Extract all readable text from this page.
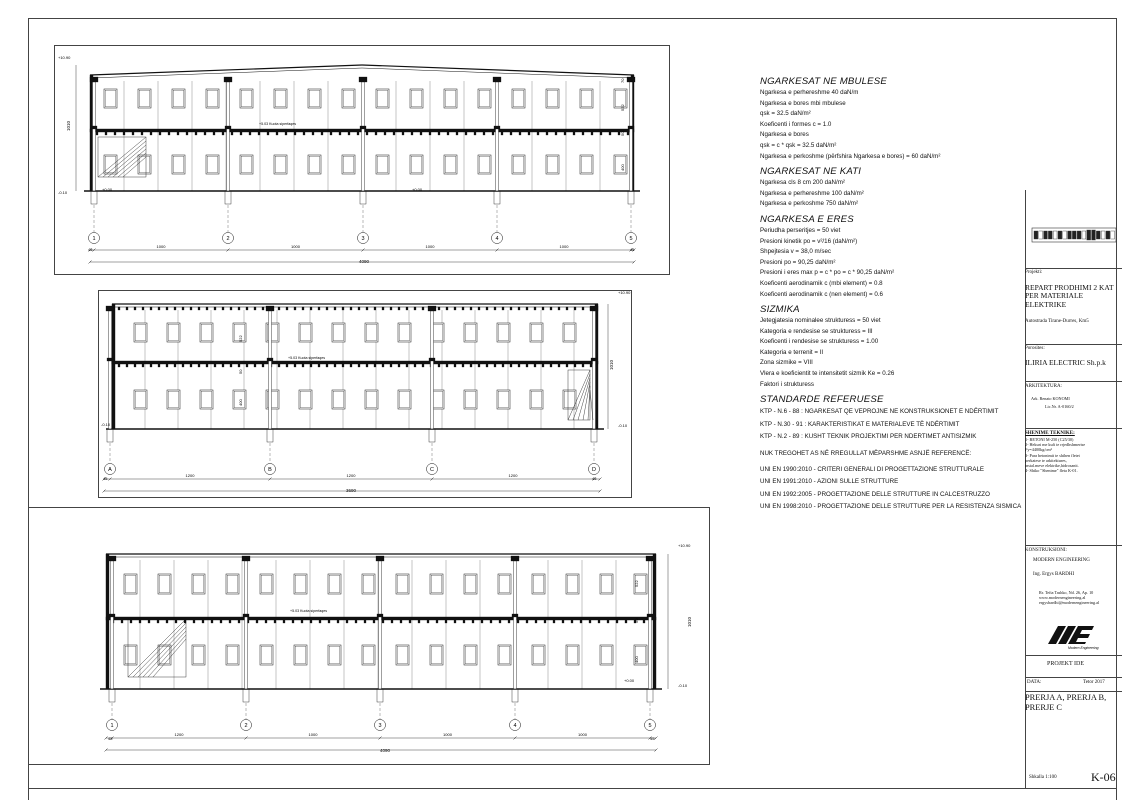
1	2	3	4	5
1000	1000	1000	1000
+10.90
-0.10
+0.00	+0.00
+5.03 Kuota siperfaqes
1010
70
522
50
400
45	45
4090
A	B	C	D
1200	1200	1200
+10.90
-0.10	-0.10
+5.03 Kuota siperfaqes
1010
522
50
400
45	45
3690
1	2	3	4	5
1200	1000	1000	1000
+10.90
-0.10
+0.00
+5.03 Kuota siperfaqes
1010
522
50
400
45	45
4090
NGARKESAT NE MBULESE
Ngarkesa e perhereshme 40 daN/m
Ngarkesa e bores mbi mbulese
qsk = 32.5 daN/m²
Koeficenti i formes c = 1.0
Ngarkesa e bores
qsk = c * qsk = 32.5 daN/m²
Ngarkesa e perkoshme (përfshira Ngarkesa e bores) = 60 daN/m²
NGARKESAT NE KATI
Ngarkesa cls 8 cm 200 daN/m²
Ngarkesa e perhereshme 100 daN/m²
Ngarkesa e perkoshme 750 daN/m²
NGARKESA E ERES
Periudha perseritjes = 50 viet
Presioni kinetik po = v²/16 (daN/m²)
Shpejtesia v = 38,0 m/sec
Presioni po = 90,25 daN/m²
Presioni i eres max p = c * po = c * 90,25 daN/m²
Koeficenti aerodinamik c (mbi element) = 0.8
Koeficenti aerodinamik c (nen element) = 0.6
SIZMIKA
Jetegjatesia nominalee strukturess = 50 viet
Kategoria e rendesise se strukturess = III
Koeficenti i rendesise se strukturess = 1.00
Kategoria e terrenit = II
Zona sizmike = VIII
Vlera e koeficientit te intensitetit sizmik Ke = 0.26
Faktori i strukturess
STANDARDE REFERUESE
KTP - N.6 - 88 : NGARKESAT QE VEPROJNE NE KONSTRUKSIONET E NDËRTIMIT
KTP - N.30 - 91 : KARAKTERISTIKAT E MATERIALEVE TË NDËRTIMIT
KTP - N.2 - 89 : KUSHT TEKNIK PROJEKTIMI PER NDERTIMET ANTISIZMIK
NUK TREGOHET AS NË RREGULLAT MËPARSHME ASNJË REFERENCË:
UNI EN 1990:2010 - CRITERI GENERALI DI PROGETTAZIONE STRUTTURALE
UNI EN 1991:2010 - AZIONI SULLE STRUTTURE
UNI EN 1992:2005 - PROGETTAZIONE DELLE STRUTTURE IN CALCESTRUZZO
UNI EN 1998:2010 - PROGETTAZIONE DELLE STRUTTURE PER LA RESISTENZA SISMICA
Projekti:
REPART PRODHIMI 2 KAT PER MATERIALE ELEKTRIKE
Autostrada Tirane-Durres, Km5
Porosites:
ILIRIA ELECTRIC Sh.p.k
ARKITEKTURA:
Ark. Renato KONOMI
Lic.Nr. A-0160/2
SHENIME TEKNIKE:
1- BETONI M-250 (C25/30)
2- Hekuri me kufi te rrjedhshmerise
Fy=4400kg/cm²
3- Para betonimit te shihen fletet
perkatese te arkitektures,
instal.meve elektrike,hidrosanit.
4- Shiko "Shenime" fleta K-01.
KONSTRUKSIONI:
MODERN ENGINEERING
Ing. Ergys BARDHI
Rr. Tefta Tashko, Nd. 26, Ap. 10
www.modernengineering.al
ergysbardhi@modernengineering.al
Modern Engineering
PROJEKT IDE
DATA:	Tetor 2017
PRERJA A, PRERJA B, PRERJE C
Shkalla 1:100	K-06
